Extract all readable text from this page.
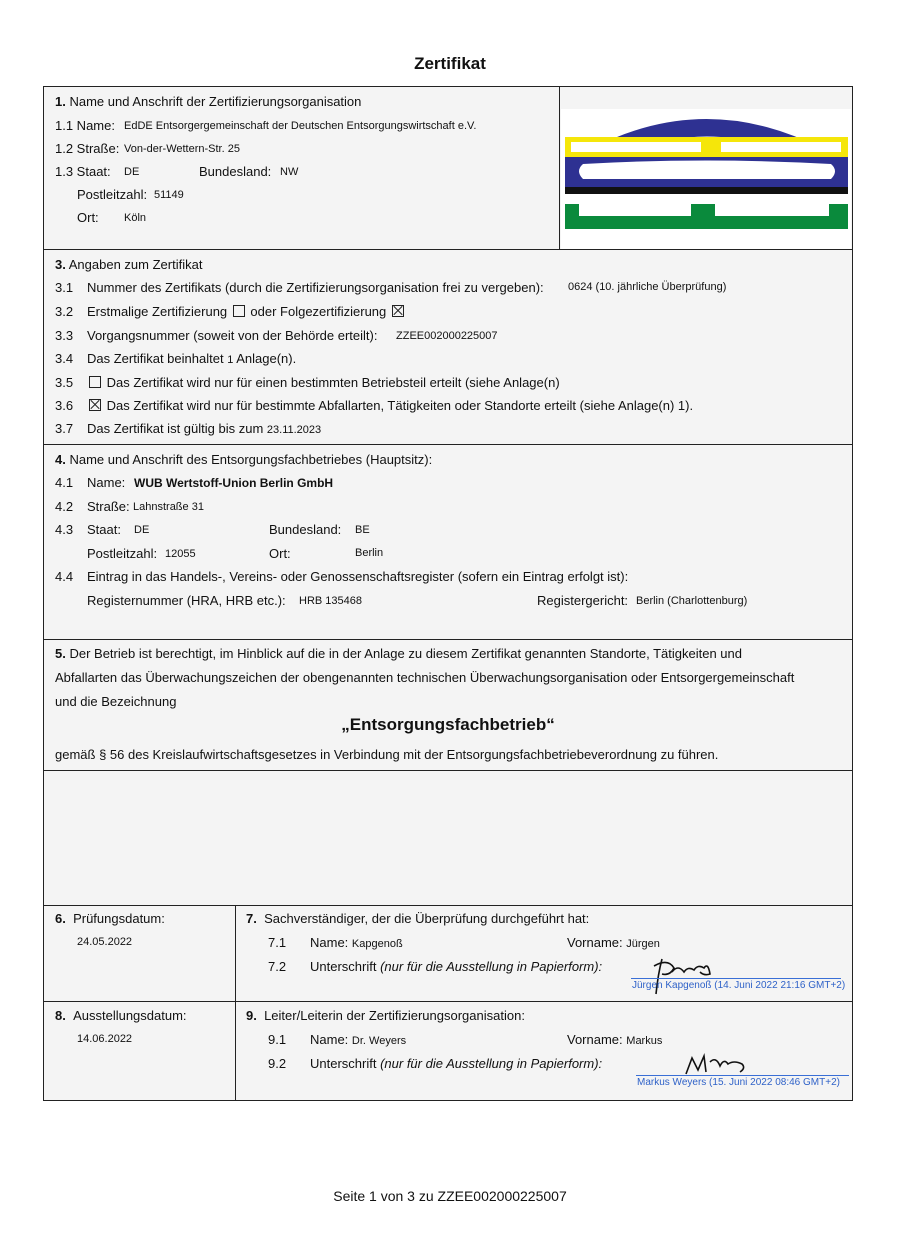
Zertifikat
1. Name und Anschrift der Zertifizierungsorganisation
1.1 Name: EdDE Entsorgergemeinschaft der Deutschen Entsorgungswirtschaft e.V.
1.2 Straße: Von-der-Wettern-Str. 25
1.3 Staat: DE	Bundesland: NW
Postleitzahl: 51149
Ort: Köln
3. Angaben zum Zertifikat
3.1 Nummer des Zertifikats (durch die Zertifizierungsorganisation frei zu vergeben): 0624 (10. jährliche Überprüfung)
3.2 Erstmalige Zertifizierung oder Folgezertifizierung
3.3 Vorgangsnummer (soweit von der Behörde erteilt): ZZEE002000225007
3.4 Das Zertifikat beinhaltet 1 Anlage(n).
3.5	Das Zertifikat wird nur für einen bestimmten Betriebsteil erteilt (siehe Anlage(n)
3.6	Das Zertifikat wird nur für bestimmte Abfallarten, Tätigkeiten oder Standorte erteilt (siehe Anlage(n) 1).
3.7 Das Zertifikat ist gültig bis zum 23.11.2023
4. Name und Anschrift des Entsorgungsfachbetriebes (Hauptsitz):
4.1 Name: WUB Wertstoff-Union Berlin GmbH
4.2 Straße: Lahnstraße 31
4.3 Staat: DE	Bundesland: BE
Postleitzahl: 12055	Ort:	Berlin
4.4 Eintrag in das Handels-, Vereins- oder Genossenschaftsregister (sofern ein Eintrag erfolgt ist):
Registernummer (HRA, HRB etc.): HRB 135468	Registergericht: Berlin (Charlottenburg)
5. Der Betrieb ist berechtigt, im Hinblick auf die in der Anlage zu diesem Zertifikat genannten Standorte, Tätigkeiten und
Abfallarten das Überwachungszeichen der obengenannten technischen Überwachungsorganisation oder Entsorgergemeinschaft
und die Bezeichnung
„Entsorgungsfachbetrieb“
gemäß § 56 des Kreislaufwirtschaftsgesetzes in Verbindung mit der Entsorgungsfachbetriebeverordnung zu führen.
6. Prüfungsdatum:
24.05.2022
7. Sachverständiger, der die Überprüfung durchgeführt hat:
7.1 Name: Kapgenoß	Vorname: Jürgen
7.2 Unterschrift (nur für die Ausstellung in Papierform):
Jürgen Kapgenoß (14. Juni 2022 21:16 GMT+2)
8. Ausstellungsdatum:
14.06.2022
9. Leiter/Leiterin der Zertifizierungsorganisation:
9.1 Name: Dr. Weyers	Vorname: Markus
9.2 Unterschrift (nur für die Ausstellung in Papierform):
Markus Weyers (15. Juni 2022 08:46 GMT+2)
Seite 1 von 3 zu ZZEE002000225007
